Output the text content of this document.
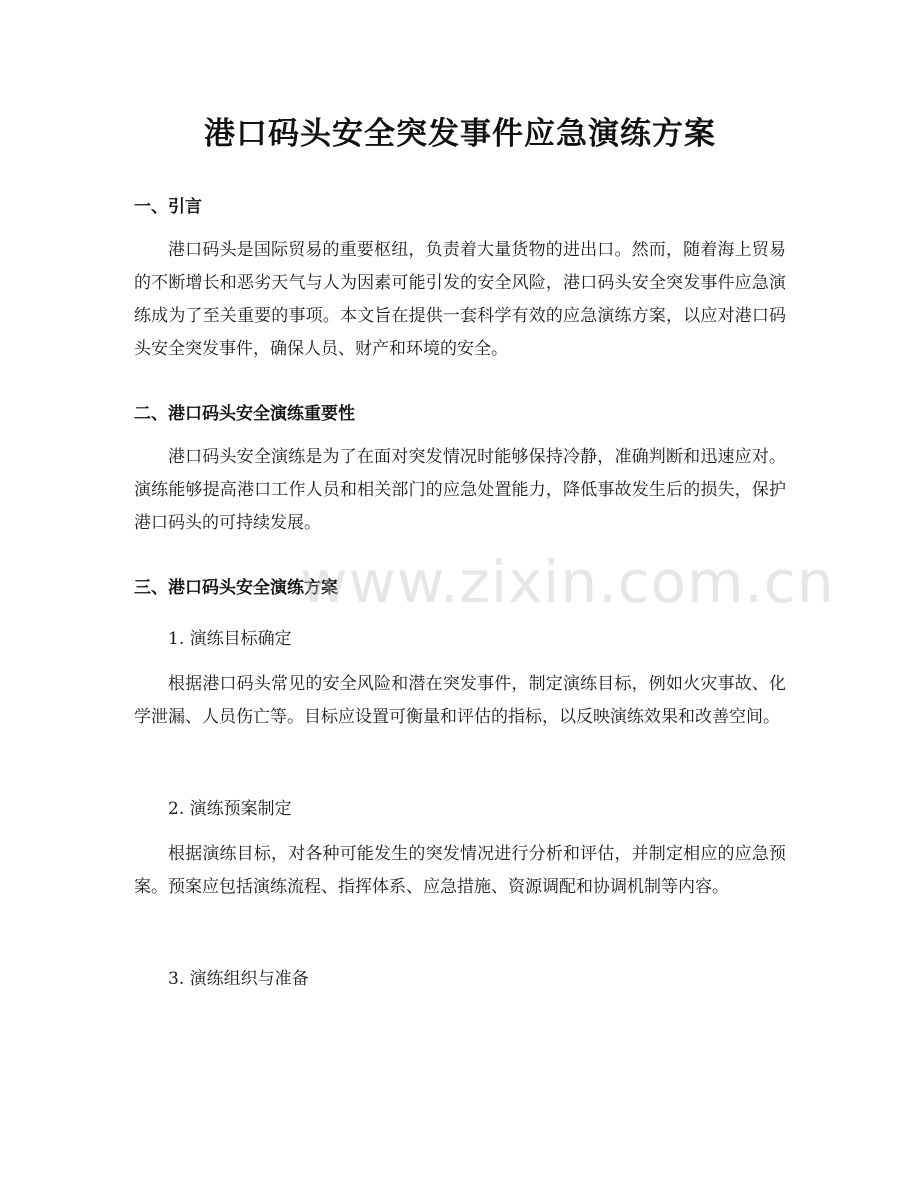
港口码头安全突发事件应急演练方案
一、引言

港口码头是国际贸易的重要枢纽，负责着大量货物的进出口。然而，随着海上贸易的不断增长和恶劣天气与人为因素可能引发的安全风险，港口码头安全突发事件应急演练成为了至关重要的事项。本文旨在提供一套科学有效的应急演练方案，以应对港口码头安全突发事件，确保人员、财产和环境的安全。

二、港口码头安全演练重要性

港口码头安全演练是为了在面对突发情况时能够保持冷静，准确判断和迅速应对。演练能够提高港口工作人员和相关部门的应急处置能力，降低事故发生后的损失，保护港口码头的可持续发展。

三、港口码头安全演练方案

1. 演练目标确定

根据港口码头常见的安全风险和潜在突发事件，制定演练目标，例如火灾事故、化学泄漏、人员伤亡等。目标应设置可衡量和评估的指标，以反映演练效果和改善空间。

2. 演练预案制定

根据演练目标，对各种可能发生的突发情况进行分析和评估，并制定相应的应急预案。预案应包括演练流程、指挥体系、应急措施、资源调配和协调机制等内容。

3. 演练组织与准备

www.zixin.com.cn
